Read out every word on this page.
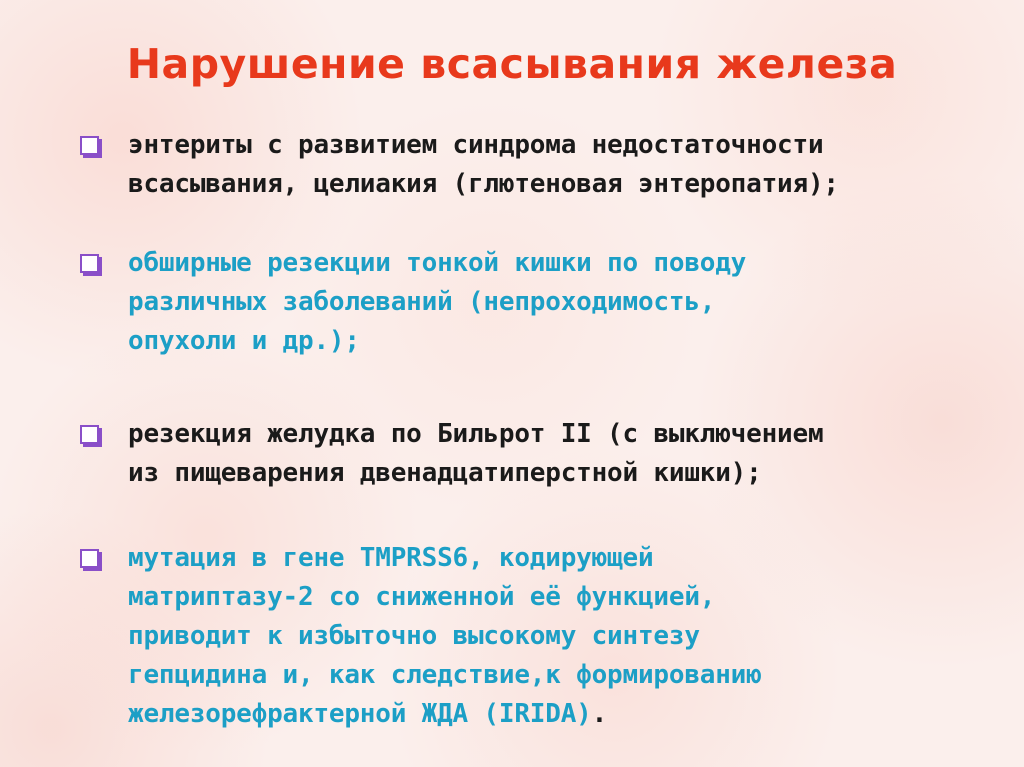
Нарушение всасывания железа
энтериты с развитием синдрома недостаточности
всасывания, целиакия (глютеновая энтеропатия);
обширные резекции тонкой кишки по поводу
различных заболеваний (непроходимость,
опухоли и др.);
резекция желудка по Бильрот II (с выключением
из пищеварения двенадцатиперстной кишки);
мутация в гене TMPRSS6, кодирующей
матриптазу-2 со сниженной её функцией,
приводит к избыточно высокому синтезу
гепцидина и, как следствие,к формированию
железорефрактерной ЖДА (IRIDA).
